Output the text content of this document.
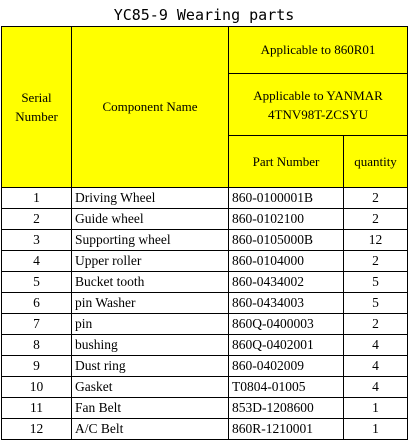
YC85-9 Wearing parts
Serial Number	Component Name	Applicable to 860R01	
		Applicable to YANMAR 4TNV98T-ZCSYU	
		Part Number	quantity
1	Driving Wheel	860-0100001B	2
2	Guide wheel	860-0102100	2
3	Supporting wheel	860-0105000B	12
4	Upper roller	860-0104000	2
5	Bucket tooth	860-0434002	5
6	pin Washer	860-0434003	5
7	pin	860Q-0400003	2
8	bushing	860Q-0402001	4
9	Dust ring	860-0402009	4
10	Gasket	T0804-01005	4
11	Fan Belt	853D-1208600	1
12	A/C Belt	860R-1210001	1
